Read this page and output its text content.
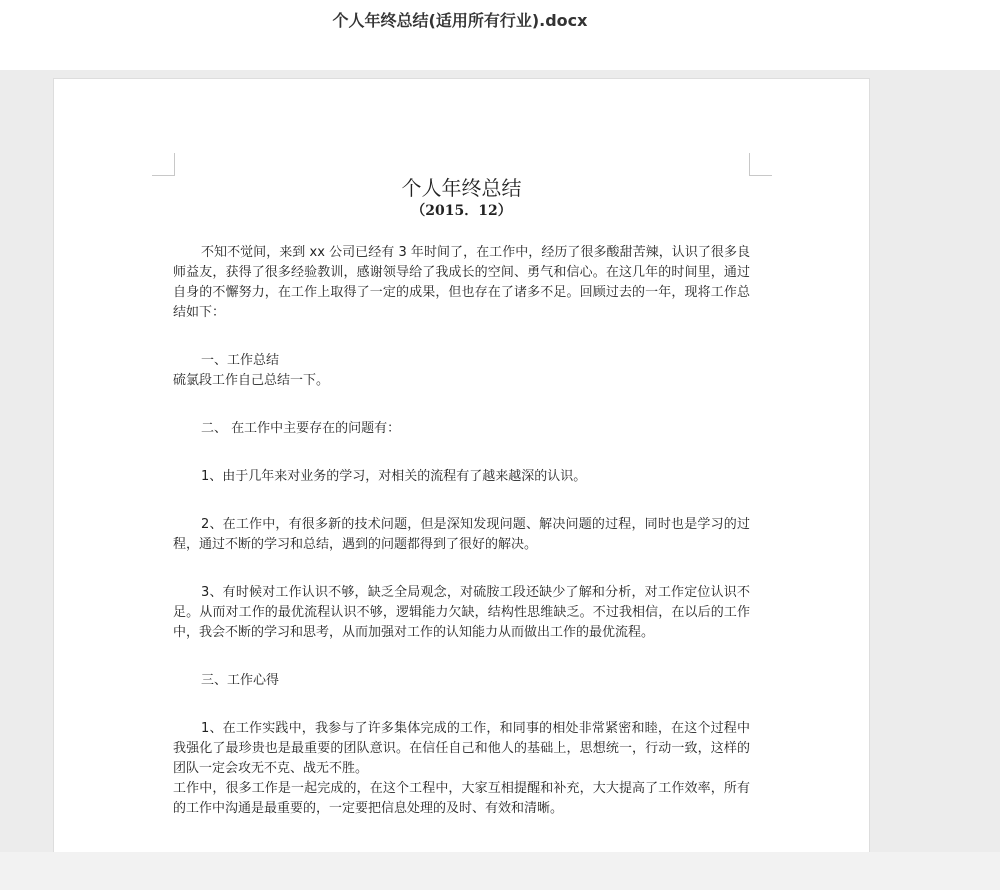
个人年终总结(适用所有行业).docx

个人年终总结

（2015．12）

不知不觉间，来到 xx 公司已经有 3 年时间了，在工作中，经历了很多酸甜苦辣，认识了很多良师益友，获得了很多经验教训，感谢领导给了我成长的空间、勇气和信心。在这几年的时间里，通过自身的不懈努力，在工作上取得了一定的成果，但也存在了诸多不足。回顾过去的一年，现将工作总结如下：

一、工作总结

硫氯段工作自己总结一下。

二、 在工作中主要存在的问题有：

1、由于几年来对业务的学习，对相关的流程有了越来越深的认识。

2、在工作中，有很多新的技术问题，但是深知发现问题、解决问题的过程，同时也是学习的过程，通过不断的学习和总结，遇到的问题都得到了很好的解决。

3、有时候对工作认识不够，缺乏全局观念，对硫胺工段还缺少了解和分析，对工作定位认识不足。从而对工作的最优流程认识不够，逻辑能力欠缺，结构性思维缺乏。不过我相信，在以后的工作中，我会不断的学习和思考，从而加强对工作的认知能力从而做出工作的最优流程。

三、工作心得

1、在工作实践中，我参与了许多集体完成的工作，和同事的相处非常紧密和睦，在这个过程中我强化了最珍贵也是最重要的团队意识。在信任自己和他人的基础上，思想统一，行动一致，这样的团队一定会攻无不克、战无不胜。

工作中，很多工作是一起完成的，在这个工程中，大家互相提醒和补充，大大提高了工作效率，所有的工作中沟通是最重要的，一定要把信息处理的及时、有效和清晰。
